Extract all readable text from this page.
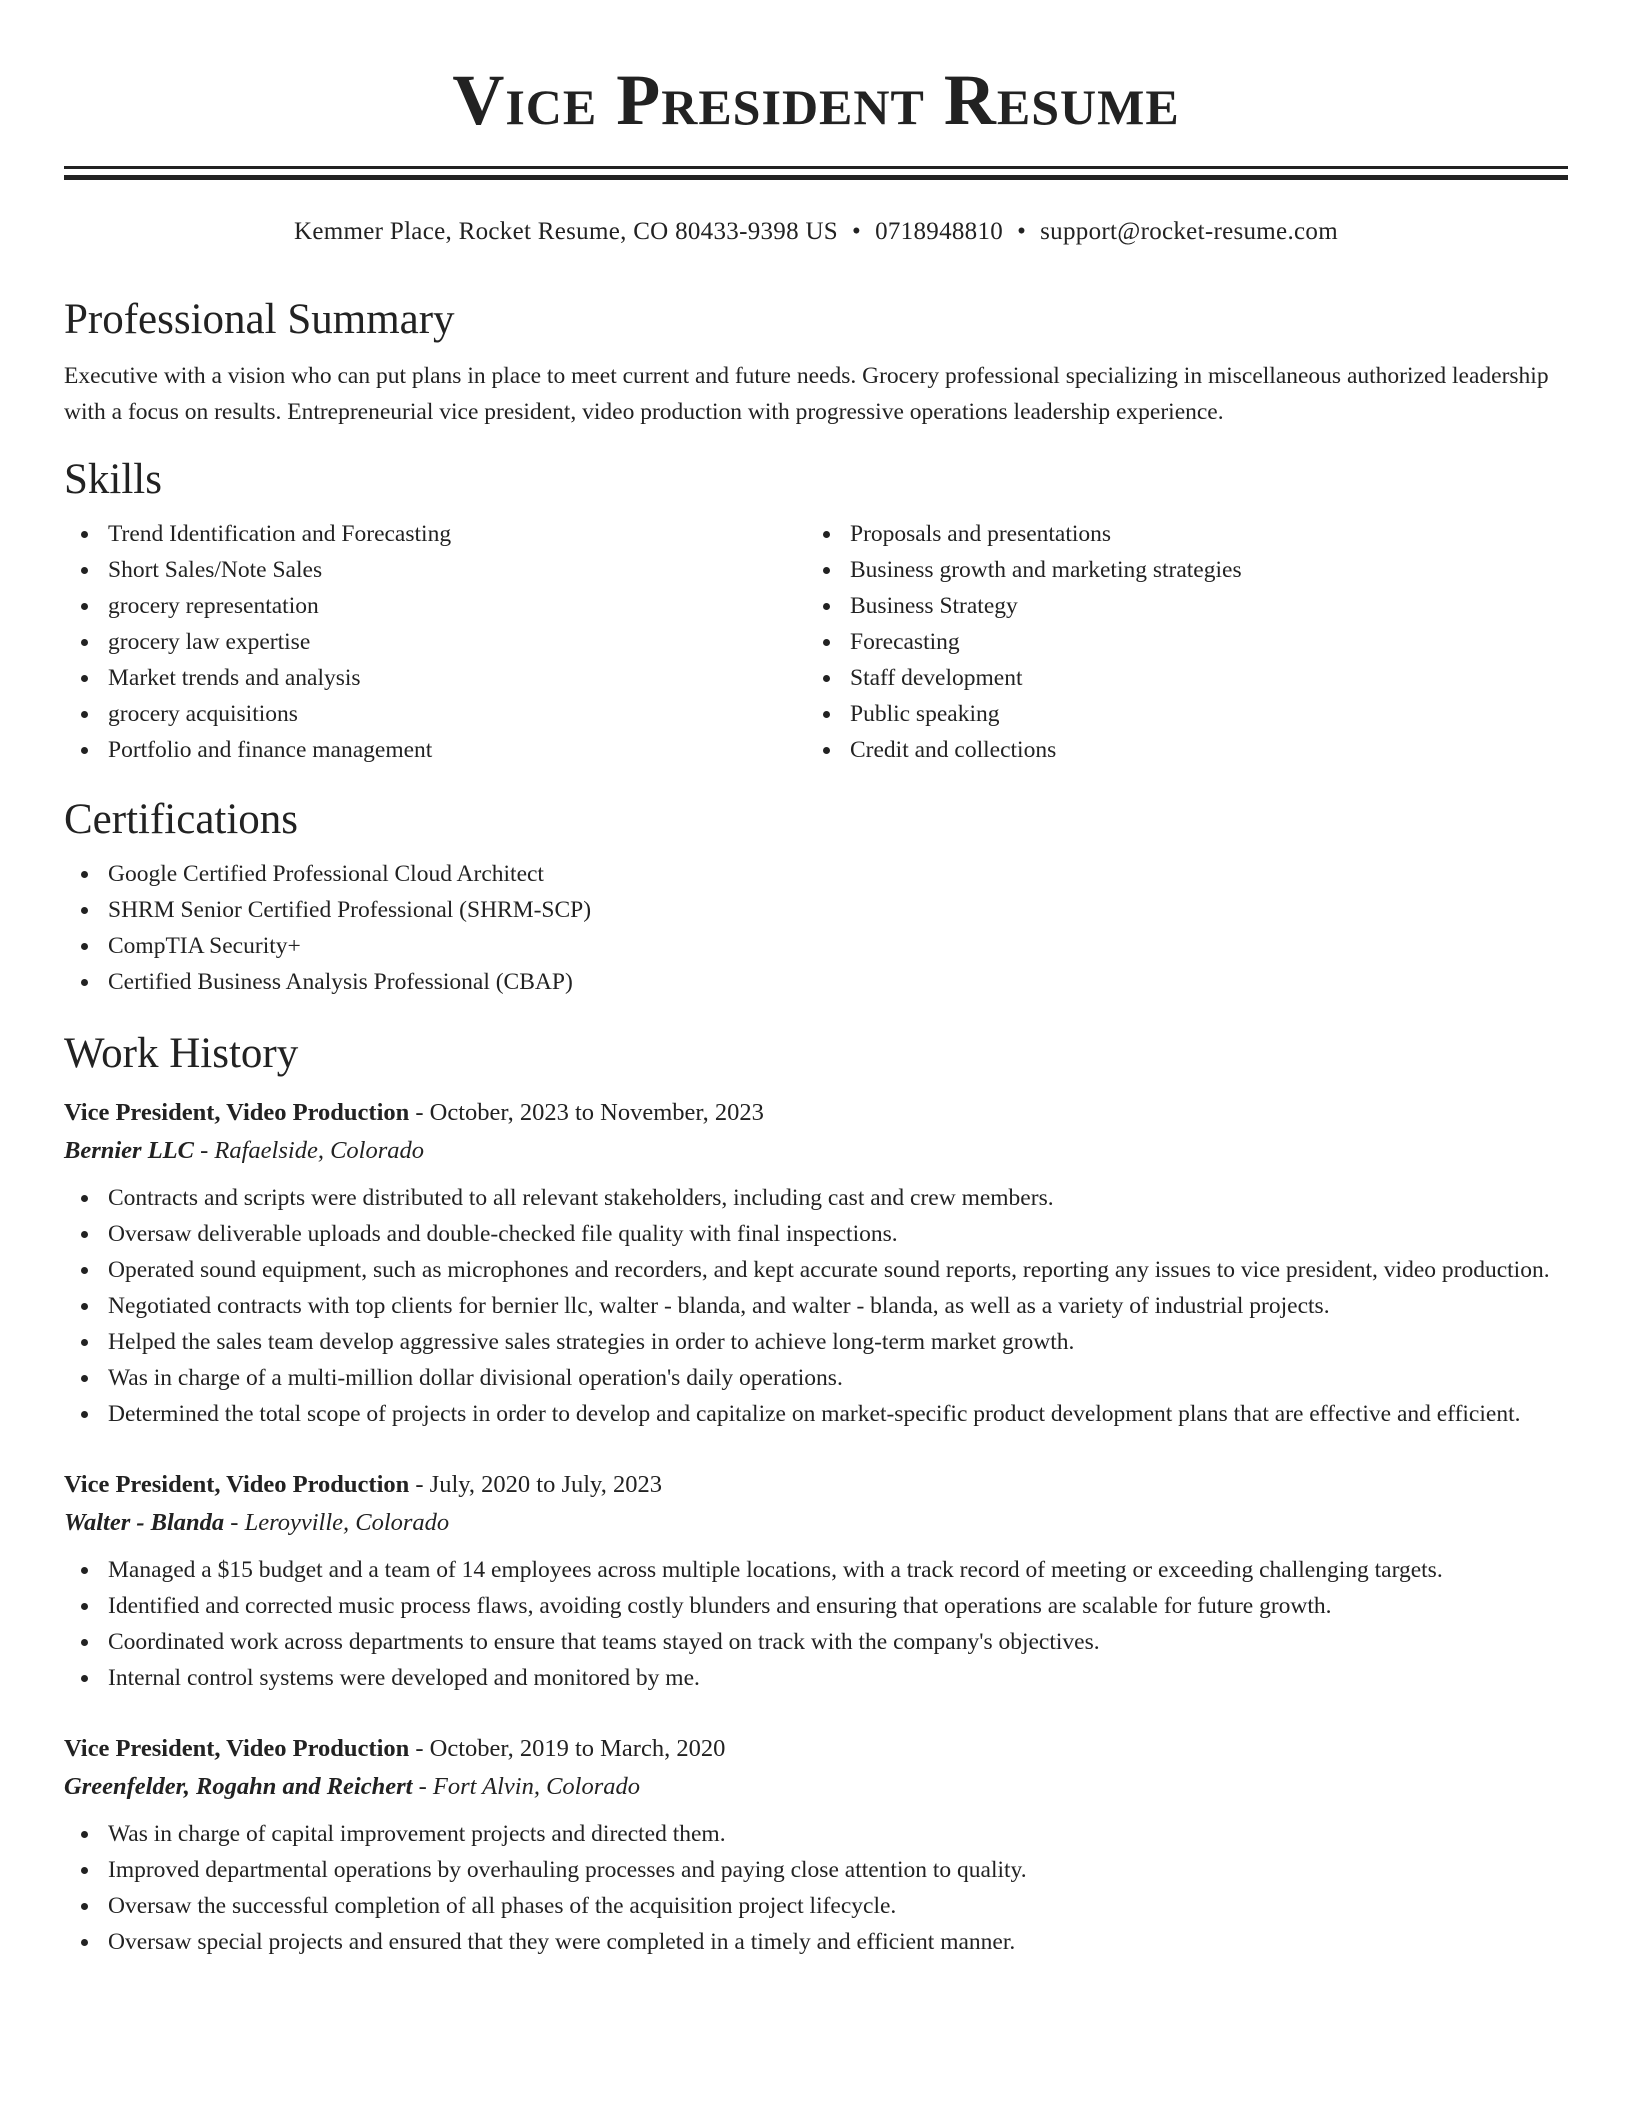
Vice President Resume
Kemmer Place, Rocket Resume, CO 80433-9398 US • 0718948810 • support@rocket-resume.com
Professional Summary

Executive with a vision who can put plans in place to meet current and future needs. Grocery professional specializing in miscellaneous authorized leadership with a focus on results. Entrepreneurial vice president, video production with progressive operations leadership experience.

Skills
Trend Identification and Forecasting
Short Sales/Note Sales
grocery representation
grocery law expertise
Market trends and analysis
grocery acquisitions
Portfolio and finance management
Proposals and presentations
Business growth and marketing strategies
Business Strategy
Forecasting
Staff development
Public speaking
Credit and collections
Certifications
Google Certified Professional Cloud Architect
SHRM Senior Certified Professional (SHRM-SCP)
CompTIA Security+
Certified Business Analysis Professional (CBAP)
Work History
Vice President, Video Production - October, 2023 to November, 2023
Bernier LLC - Rafaelside, Colorado
Contracts and scripts were distributed to all relevant stakeholders, including cast and crew members.
Oversaw deliverable uploads and double-checked file quality with final inspections.
Operated sound equipment, such as microphones and recorders, and kept accurate sound reports, reporting any issues to vice president, video production.
Negotiated contracts with top clients for bernier llc, walter - blanda, and walter - blanda, as well as a variety of industrial projects.
Helped the sales team develop aggressive sales strategies in order to achieve long-term market growth.
Was in charge of a multi-million dollar divisional operation's daily operations.
Determined the total scope of projects in order to develop and capitalize on market-specific product development plans that are effective and efficient.
Vice President, Video Production - July, 2020 to July, 2023
Walter - Blanda - Leroyville, Colorado
Managed a $15 budget and a team of 14 employees across multiple locations, with a track record of meeting or exceeding challenging targets.
Identified and corrected music process flaws, avoiding costly blunders and ensuring that operations are scalable for future growth.
Coordinated work across departments to ensure that teams stayed on track with the company's objectives.
Internal control systems were developed and monitored by me.
Vice President, Video Production - October, 2019 to March, 2020
Greenfelder, Rogahn and Reichert - Fort Alvin, Colorado
Was in charge of capital improvement projects and directed them.
Improved departmental operations by overhauling processes and paying close attention to quality.
Oversaw the successful completion of all phases of the acquisition project lifecycle.
Oversaw special projects and ensured that they were completed in a timely and efficient manner.
